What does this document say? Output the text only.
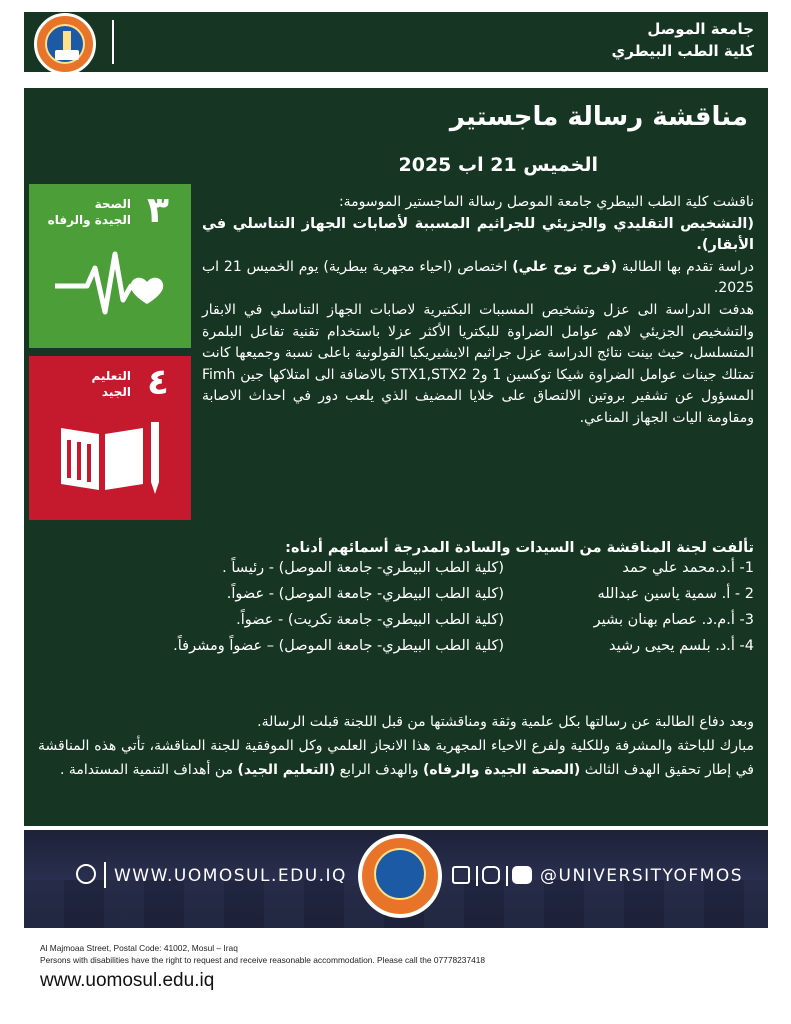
جامعة الموصل
كلية الطب البيطري
مناقشة رسالة ماجستير
الخميس 21 اب 2025
٣
الصحة
الجيدة والرفاه
٤
التعليم
الجيد

ناقشت كلية الطب البيطري جامعة الموصل رسالة الماجستير الموسومة:

(التشخيص التقليدي والجزيئي للجراثيم المسببة لأصابات الجهاز التناسلي في الأبقار).

دراسة تقدم بها الطالبة (فرح نوح علي) اختصاص (احياء مجهرية بيطرية) يوم الخميس 21 اب 2025.

هدفت الدراسة الى عزل وتشخيص المسببات البكتيرية لاصابات الجهاز التناسلي في الابقار والتشخيص الجزيئي لاهم عوامل الضراوة للبكتريا الأكثر عزلا باستخدام تقنية تفاعل البلمرة المتسلسل، حيث بينت نتائج الدراسة عزل جراثيم الايشيريكيا القولونية باعلى نسبة وجميعها كانت تمتلك جينات عوامل الضراوة شيكا توكسين 1 و2 STX1,STX2 بالاضافة الى امتلاكها جين Fimh المسؤول عن تشفير بروتين الالتصاق على خلايا المضيف الذي يلعب دور في احداث الاصابة ومقاومة اليات الجهاز المناعي.

تألفت لجنة المناقشة من السيدات والسادة المدرجة أسمائهم أدناه:
1- أ.د.محمد علي حمد
(كلية الطب البيطري- جامعة الموصل) - رئيساً .
2 - أ. سمية ياسين عبدالله
(كلية الطب البيطري- جامعة الموصل) - عضواً.
3- أ.م.د. عصام بهنان بشير
(كلية الطب البيطري- جامعة تكريت) - عضواً.
4- أ.د. بلسم يحيى رشيد
(كلية الطب البيطري- جامعة الموصل) – عضواً ومشرفاً.

وبعد دفاع الطالبة عن رسالتها بكل علمية وثقة ومناقشتها من قبل اللجنة قبلت الرسالة.

مبارك للباحثة والمشرفة وللكلية ولفرع الاحياء المجهرية هذا الانجاز العلمي وكل الموفقية للجنة المناقشة، تأتي هذه المناقشة في إطار تحقيق الهدف الثالث (الصحة الجيدة والرفاه) والهدف الرابع (التعليم الجيد) من أهداف التنمية المستدامة .

WWW.UOMOSUL.EDU.IQ	@UNIVERSITYOFMOS
Al Majmoaa Street, Postal Code: 41002, Mosul – Iraq
Persons with disabilities have the right to request and receive reasonable accommodation. Please call the 07778237418
www.uomosul.edu.iq
